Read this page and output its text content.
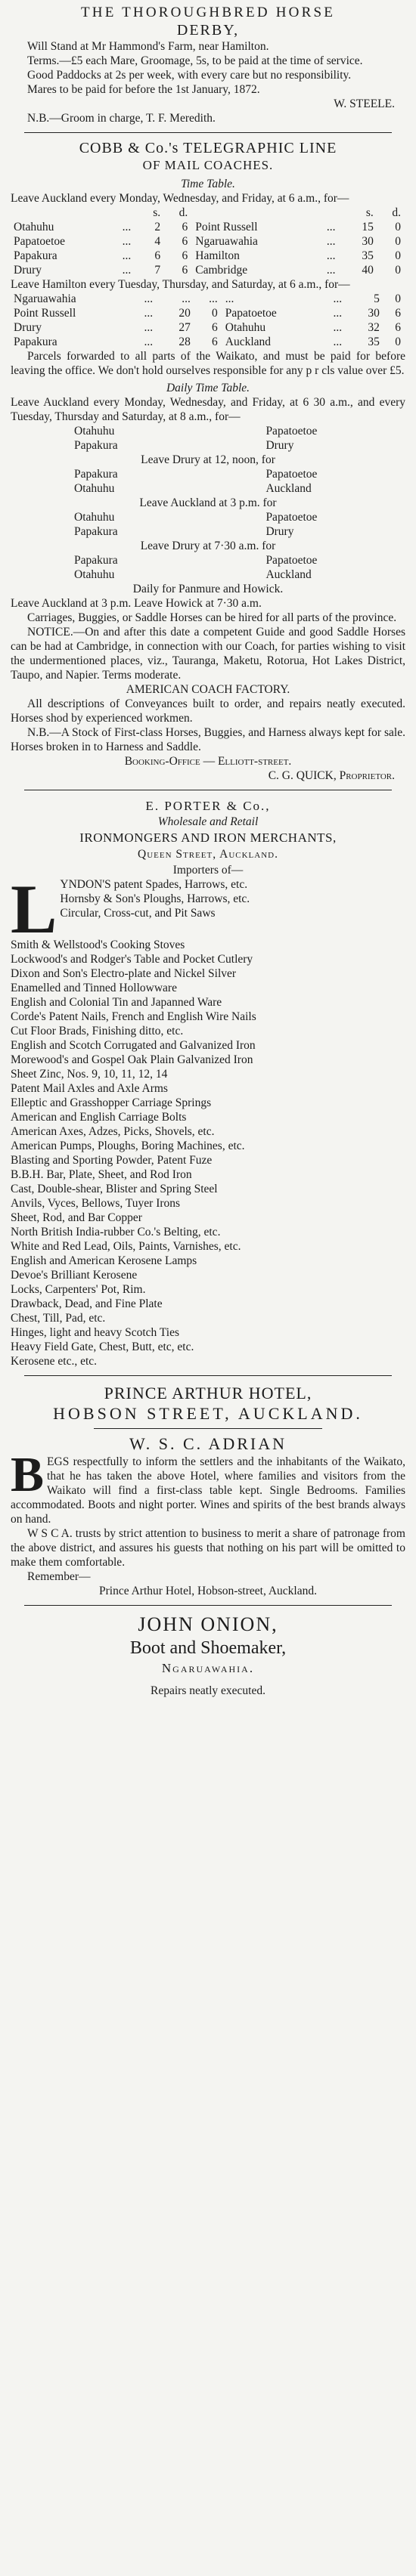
THE THOROUGHBRED HORSE
DERBY,

Will Stand at Mr Hammond's Farm, near Hamilton.

Terms.—£5 each Mare, Groomage, 5s, to be paid at the time of service.

Good Paddocks at 2s per week, with every care but no responsibility.

Mares to be paid for before the 1st January, 1872.

W. STEELE.

N.B.—Groom in charge, T. F. Meredith.

COBB & Co.'s TELEGRAPHIC LINE
OF MAIL COACHES.
Time Table.

Leave Auckland every Monday, Wednesday, and Friday, at 6 a.m., for—

		s.	d.			s.	d.
Otahuhu	...	2	6	Point Russell	...	15	0
Papatoetoe	...	4	6	Ngaruawahia	...	30	0
Papakura	...	6	6	Hamilton	...	35	0
Drury	...	7	6	Cambridge	...	40	0

Leave Hamilton every Tuesday, Thursday, and Saturday, at 6 a.m., for—

Ngaruawahia	...	...	...	...	...	5	0
Point Russell	...	20	0	Papatoetoe	...	30	6
Drury	...	27	6	Otahuhu	...	32	6
Papakura	...	28	6	Auckland	...	35	0

Parcels forwarded to all parts of the Waikato, and must be paid for before leaving the office. We don't hold ourselves responsible for any p r cls value over £5.

Daily Time Table.

Leave Auckland every Monday, Wednesday, and Friday, at 6 30 a.m., and every Tuesday, Thursday and Saturday, at 8 a.m., for—

Otahuhu	Papatoetoe
Papakura	Drury
Leave Drury at 12, noon, for
Papakura	Papatoetoe
Otahuhu	Auckland
Leave Auckland at 3 p.m. for
Otahuhu	Papatoetoe
Papakura	Drury
Leave Drury at 7·30 a.m. for
Papakura	Papatoetoe
Otahuhu	Auckland
Daily for Panmure and Howick.

Leave Auckland at 3 p.m. Leave Howick at 7·30 a.m.

Carriages, Buggies, or Saddle Horses can be hired for all parts of the province.

NOTICE.—On and after this date a competent Guide and good Saddle Horses can be had at Cambridge, in connection with our Coach, for parties wishing to visit the undermentioned places, viz., Tauranga, Maketu, Rotorua, Hot Lakes District, Taupo, and Napier. Terms moderate.

AMERICAN COACH FACTORY.

All descriptions of Conveyances built to order, and repairs neatly executed. Horses shod by experienced workmen.

N.B.—A Stock of First-class Horses, Buggies, and Harness always kept for sale. Horses broken in to Harness and Saddle.

Booking-Office — Elliott-street.

C. G. QUICK, Proprietor.

E. PORTER & Co.,
Wholesale and Retail
IRONMONGERS AND IRON MERCHANTS,
Queen Street, Auckland.
Importers of—
L YNDON'S patent Spades, Harrows, etc.
Hornsby & Son's Ploughs, Harrows, etc.
Circular, Cross-cut, and Pit Saws
Smith & Wellstood's Cooking Stoves
Lockwood's and Rodger's Table and Pocket Cutlery
Dixon and Son's Electro-plate and Nickel Silver
Enamelled and Tinned Hollowware
English and Colonial Tin and Japanned Ware
Corde's Patent Nails, French and English Wire Nails
Cut Floor Brads, Finishing ditto, etc.
English and Scotch Corrugated and Galvanized Iron
Morewood's and Gospel Oak Plain Galvanized Iron
Sheet Zinc, Nos. 9, 10, 11, 12, 14
Patent Mail Axles and Axle Arms
Elleptic and Grasshopper Carriage Springs
American and English Carriage Bolts
American Axes, Adzes, Picks, Shovels, etc.
American Pumps, Ploughs, Boring Machines, etc.
Blasting and Sporting Powder, Patent Fuze
B.B.H. Bar, Plate, Sheet, and Rod Iron
Cast, Double-shear, Blister and Spring Steel
Anvils, Vyces, Bellows, Tuyer Irons
Sheet, Rod, and Bar Copper
North British India-rubber Co.'s Belting, etc.
White and Red Lead, Oils, Paints, Varnishes, etc.
English and American Kerosene Lamps
Devoe's Brilliant Kerosene
Locks, Carpenters' Pot, Rim.
Drawback, Dead, and Fine Plate
Chest, Till, Pad, etc.
Hinges, light and heavy Scotch Ties
Heavy Field Gate, Chest, Butt, etc, etc.
Kerosene etc., etc.
PRINCE ARTHUR HOTEL,
HOBSON STREET, AUCKLAND.
W. S. C. ADRIAN
B EGS respectfully to inform the settlers and the inhabitants of the Waikato, that he has taken the above Hotel, where families and visitors from the Waikato will find a first-class table kept. Single Bedrooms. Families accommodated. Boots and night porter. Wines and spirits of the best brands always on hand.

W S C A. trusts by strict attention to business to merit a share of patronage from the above district, and assures his guests that nothing on his part will be omitted to make them comfortable.

Remember—

Prince Arthur Hotel, Hobson-street, Auckland.
JOHN ONION,
Boot and Shoemaker,
Ngaruawahia.
Repairs neatly executed.
